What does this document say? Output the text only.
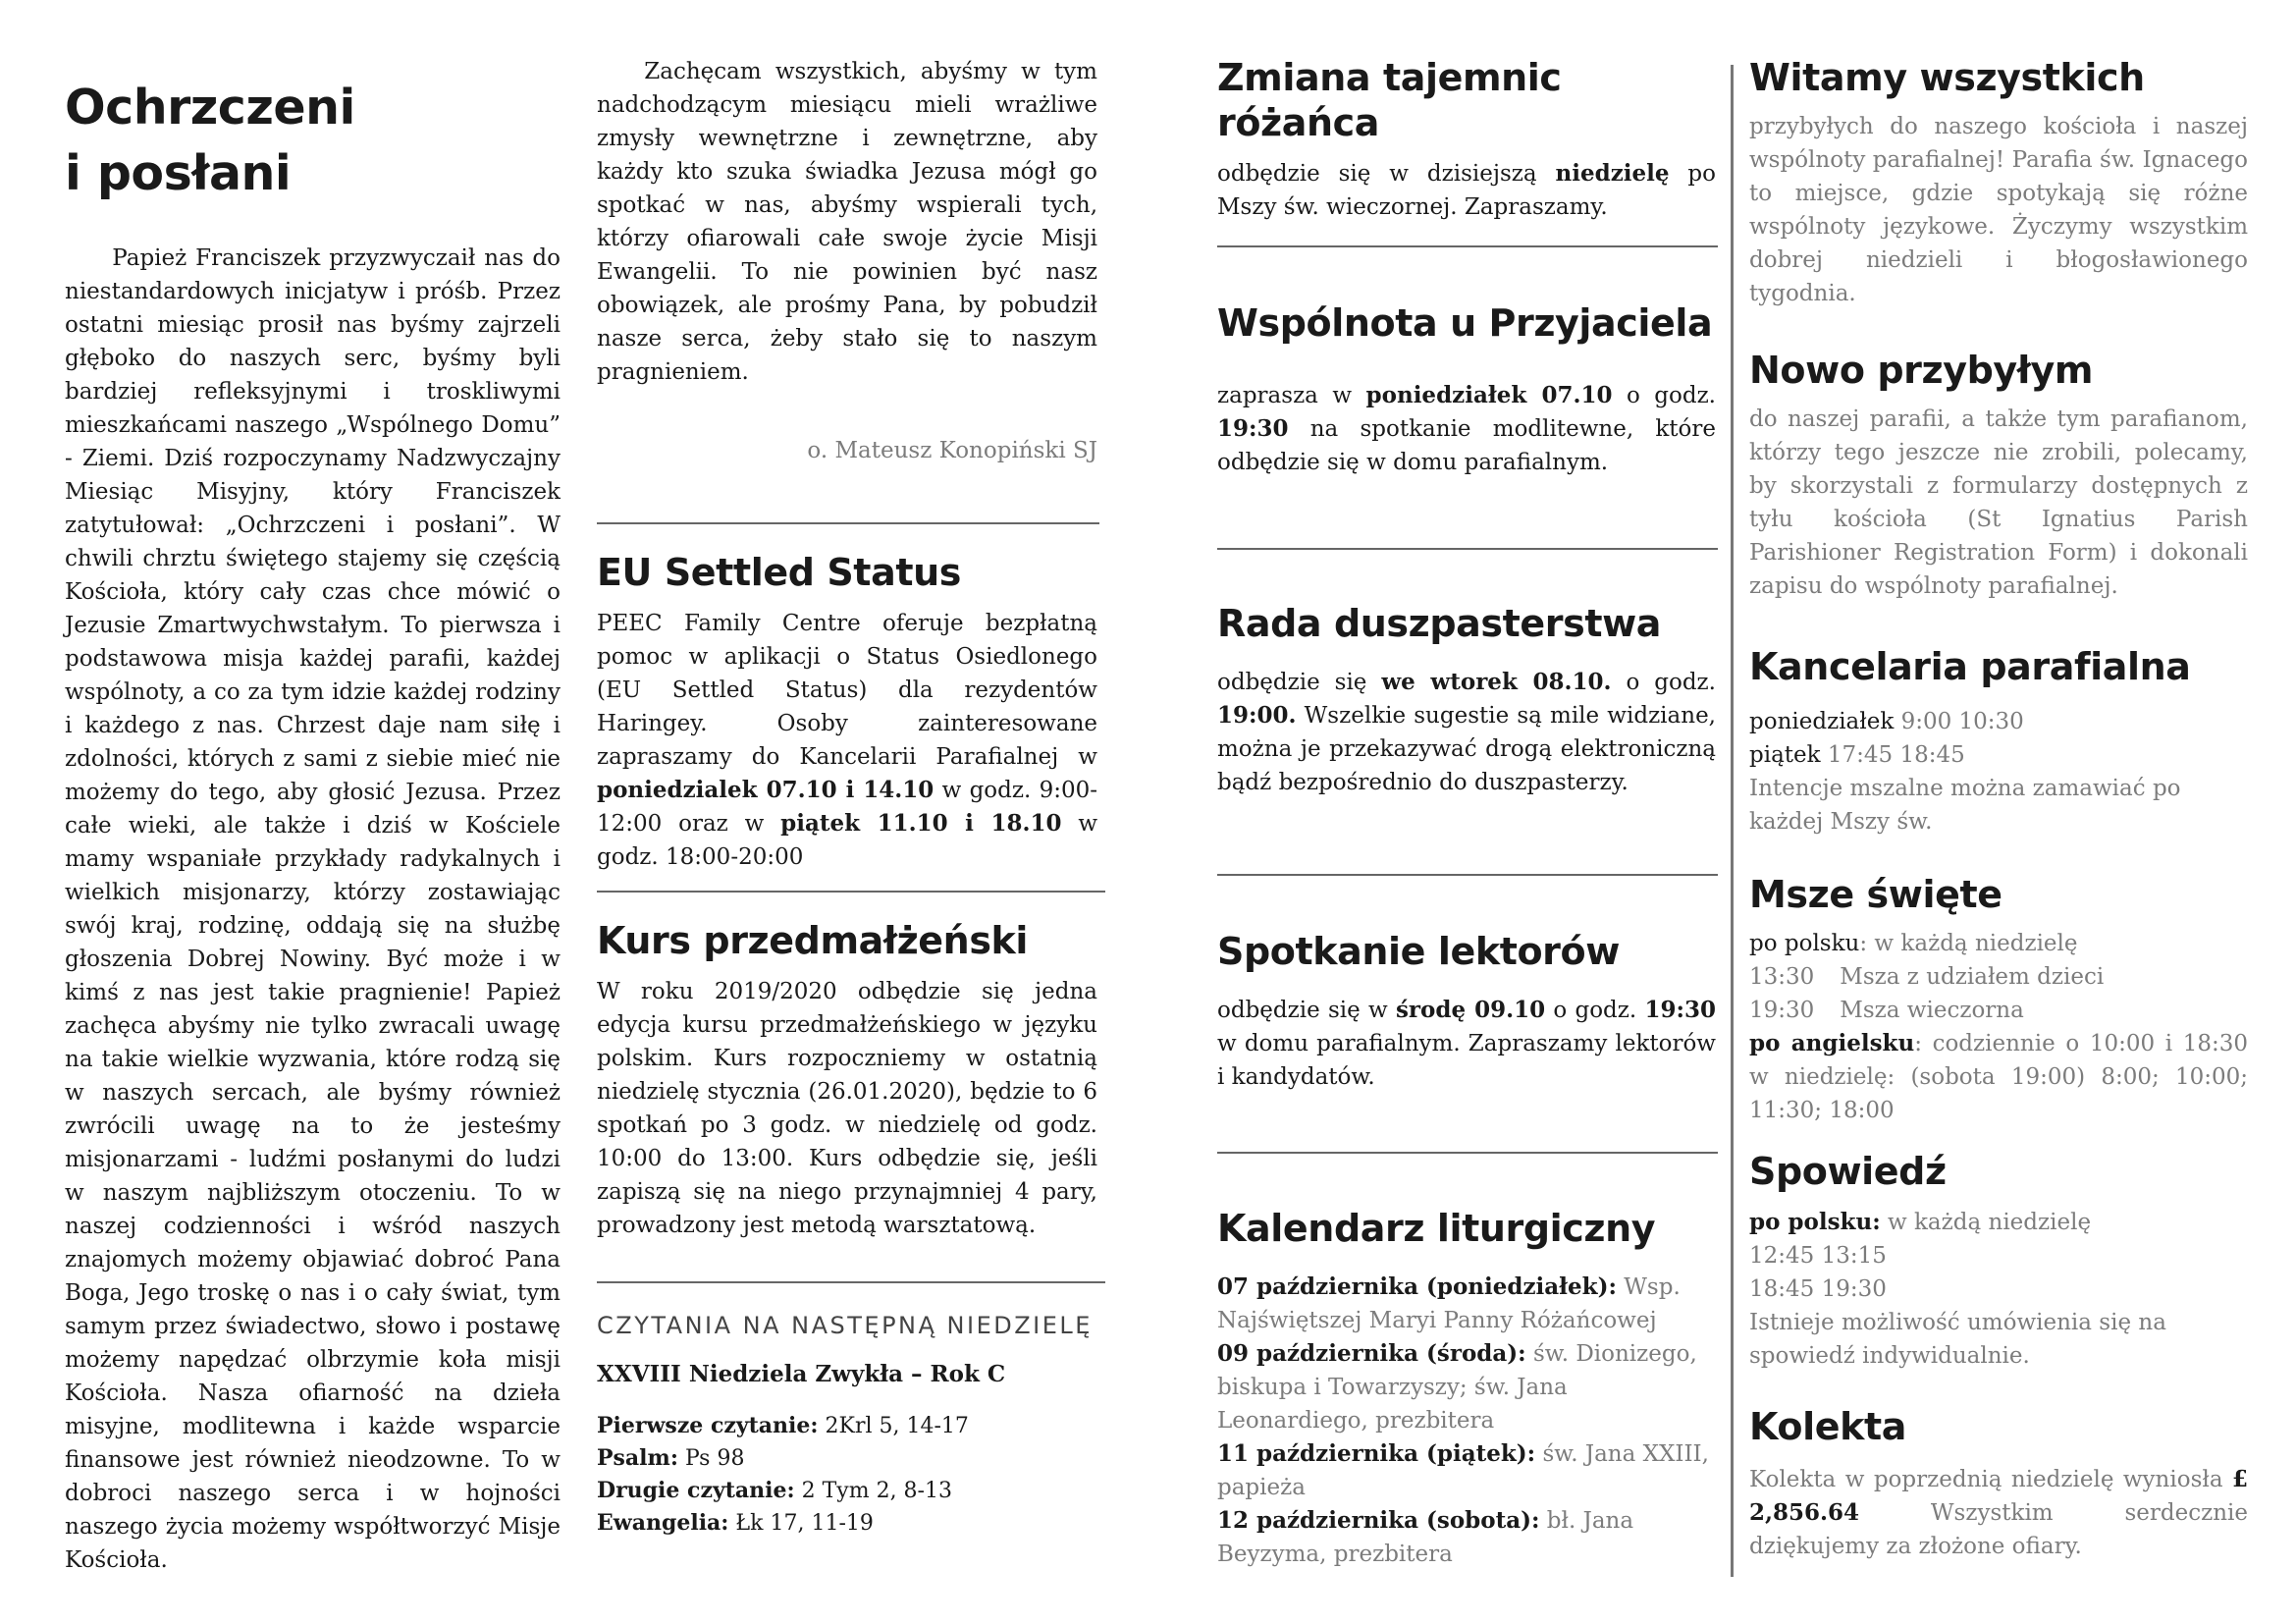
Ochrzczeni
i posłani

Papież Franciszek przyzwyczaił nas do niestandardowych inicjatyw i próśb. Przez ostatni miesiąc prosił nas byśmy zajrzeli głęboko do naszych serc, byśmy byli bardziej refleksyjnymi i troskliwymi mieszkańcami naszego „Wspólnego Domu” - Ziemi. Dziś rozpoczynamy Nadzwyczajny Miesiąc Misyjny, który Franciszek zatytułował: „Ochrzczeni i posłani”. W chwili chrztu świętego stajemy się częścią Kościoła, który cały czas chce mówić o Jezusie Zmartwychwstałym. To pierwsza i podstawowa misja każdej parafii, każdej wspólnoty, a co za tym idzie każdej rodziny i każdego z nas. Chrzest daje nam siłę i zdolności, których z sami z siebie mieć nie możemy do tego, aby głosić Jezusa. Przez całe wieki, ale także i dziś w Kościele mamy wspaniałe przykłady radykalnych i wielkich misjonarzy, którzy zostawiając swój kraj, rodzinę, oddają się na służbę głoszenia Dobrej Nowiny. Być może i w kimś z nas jest takie pragnienie! Papież zachęca abyśmy nie tylko zwracali uwagę na takie wielkie wyzwania, które rodzą się w naszych sercach, ale byśmy również zwrócili uwagę na to że jesteśmy misjonarzami - ludźmi posłanymi do ludzi w naszym najbliższym otoczeniu. To w naszej codzienności i wśród naszych znajomych możemy objawiać dobroć Pana Boga, Jego troskę o nas i o cały świat, tym samym przez świadectwo, słowo i postawę możemy napędzać olbrzymie koła misji Kościoła. Nasza ofiarność na dzieła misyjne, modlitewna i każde wsparcie finansowe jest również nieodzowne. To w dobroci naszego serca i w hojności naszego życia możemy współtworzyć Misje Kościoła.

Zachęcam wszystkich, abyśmy w tym nadchodzącym miesiącu mieli wrażliwe zmysły wewnętrzne i zewnętrzne, aby każdy kto szuka świadka Jezusa mógł go spotkać w nas, abyśmy wspierali tych, którzy ofiarowali całe swoje życie Misji Ewangelii. To nie powinien być nasz obowiązek, ale prośmy Pana, by pobudził nasze serca, żeby stało się to naszym pragnieniem.

o. Mateusz Konopiński SJ
EU Settled Status

PEEC Family Centre oferuje bezpłatną pomoc w aplikacji o Status Osiedlonego (EU Settled Status) dla rezydentów Haringey. Osoby zainteresowane zapraszamy do Kancelarii Parafialnej w poniedzialek 07.10 i 14.10 w godz. 9:00-12:00 oraz w piątek 11.10 i 18.10 w godz. 18:00-20:00

Kurs przedmałżeński

W roku 2019/2020 odbędzie się jedna edycja kursu przedmałżeńskiego w języku polskim. Kurs rozpoczniemy w ostatnią niedzielę stycznia (26.01.2020), będzie to 6 spotkań po 3 godz. w niedzielę od godz. 10:00 do 13:00. Kurs odbędzie się, jeśli zapiszą się na niego przynajmniej 4 pary, prowadzony jest metodą warsztatową.

CZYTANIA NA NASTĘPNĄ NIEDZIELĘ
XXVIII Niedziela Zwykła – Rok C
Pierwsze czytanie: 2Krl 5, 14-17
Psalm: Ps 98
Drugie czytanie: 2 Tym 2, 8-13
Ewangelia: Łk 17, 11-19
Zmiana tajemnic różańca

odbędzie się w dzisiejszą niedzielę po Mszy św. wieczornej. Zapraszamy.

Wspólnota u Przyjaciela

zaprasza w poniedziałek 07.10 o godz. 19:30 na spotkanie modlitewne, które odbędzie się w domu parafialnym.

Rada duszpasterstwa

odbędzie się we wtorek 08.10. o godz. 19:00. Wszelkie sugestie są mile widziane, można je przekazywać drogą elektroniczną bądź bezpośrednio do duszpasterzy.

Spotkanie lektorów

odbędzie się w środę 09.10 o godz. 19:30 w domu parafialnym. Zapraszamy lektorów i kandydatów.

Kalendarz liturgiczny
07 października (poniedziałek): Wsp. Najświętszej Maryi Panny Różańcowej
09 października (środa): św. Dionizego, biskupa i Towarzyszy; św. Jana Leonardiego, prezbitera
11 października (piątek): św. Jana XXIII, papieża
12 października (sobota): bł. Jana Beyzyma, prezbitera
Witamy wszystkich

przybyłych do naszego kościoła i naszej wspólnoty parafialnej! Parafia św. Ignacego to miejsce, gdzie spotykają się różne wspólnoty językowe. Życzymy wszystkim dobrej niedzieli i błogosławionego tygodnia.

Nowo przybyłym

do naszej parafii, a także tym parafianom, którzy tego jeszcze nie zrobili, polecamy, by skorzystali z formularzy dostępnych z tyłu kościoła (St Ignatius Parish Parishioner Registration Form) i dokonali zapisu do wspólnoty parafialnej.

Kancelaria parafialna
poniedziałek 9:00 10:30
piątek 17:45 18:45
Intencje mszalne można zamawiać po każdej Mszy św.
Msze święte
po polsku: w każdą niedzielę
13:30 Msza z udziałem dzieci
19:30 Msza wieczorna
po angielsku: codziennie o 10:00 i 18:30 w niedzielę: (sobota 19:00) 8:00; 10:00; 11:30; 18:00
Spowiedź
po polsku: w każdą niedzielę
12:45 13:15
18:45 19:30
Istnieje możliwość umówienia się na spowiedź indywidualnie.
Kolekta

Kolekta w poprzednią niedzielę wyniosła £ 2,856.64 Wszystkim serdecznie dziękujemy za złożone ofiary.
